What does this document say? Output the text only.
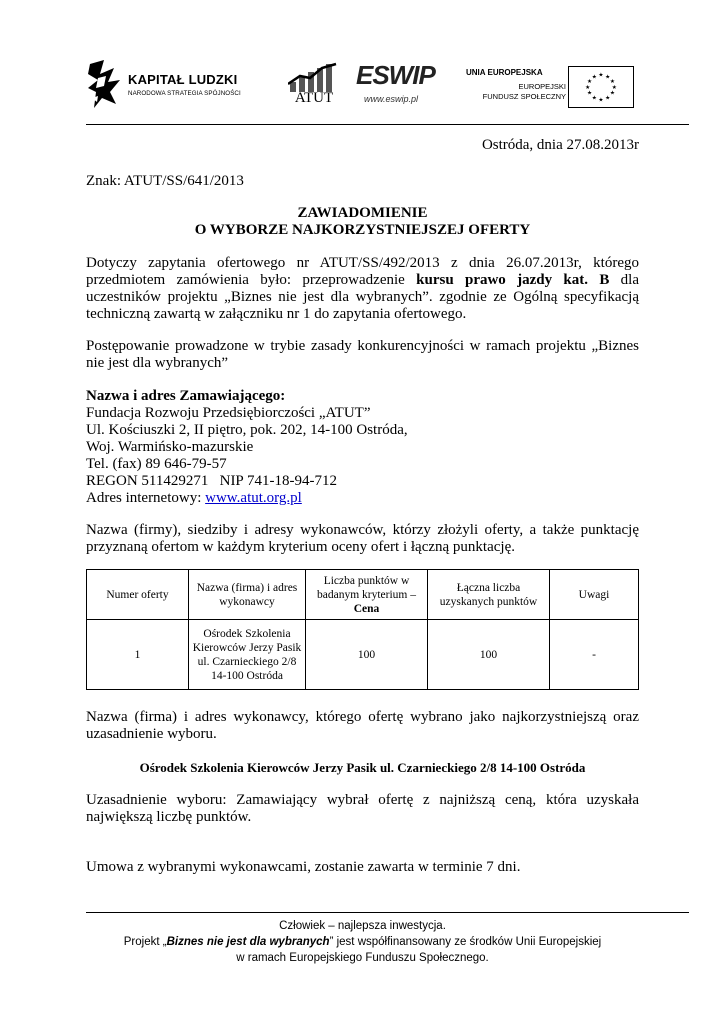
KAPITAŁ LUDZKI
NARODOWA STRATEGIA SPÓJNOŚCI	ATUT
ESWIP
www.eswip.pl
UNIA EUROPEJSKA
EUROPEJSKI
FUNDUSZ SPOŁECZNY
★ ★
★
★
★
★
★
★
★
★
★
★
Ostróda, dnia 27.08.2013r
Znak: ATUT/SS/641/2013
ZAWIADOMIENIE
O WYBORZE NAJKORZYSTNIEJSZEJ OFERTY
Dotyczy zapytania ofertowego nr ATUT/SS/492/2013 z dnia 26.07.2013r, którego przedmiotem zamówienia było: przeprowadzenie kursu prawo jazdy kat. B dla uczestników projektu „Biznes nie jest dla wybranych”. zgodnie ze Ogólną specyfikacją techniczną zawartą w załączniku nr 1 do zapytania ofertowego.
Postępowanie prowadzone w trybie zasady konkurencyjności w ramach projektu „Biznes nie jest dla wybranych”
Nazwa i adres Zamawiającego:
Fundacja Rozwoju Przedsiębiorczości „ATUT”
Ul. Kościuszki 2, II piętro, pok. 202, 14-100 Ostróda,
Woj. Warmińsko-mazurskie
Tel. (fax) 89 646-79-57
REGON 511429271   NIP 741-18-94-712
Adres internetowy: www.atut.org.pl
Nazwa (firmy), siedziby i adresy wykonawców, którzy złożyli oferty, a także punktację przyznaną ofertom w każdym kryterium oceny ofert i łączną punktację.
Numer oferty	Nazwa (firma) i adres wykonawcy	Liczba punktów w badanym kryterium – Cena	Łączna liczba uzyskanych punktów	Uwagi
1	Ośrodek Szkolenia Kierowców Jerzy Pasik ul. Czarnieckiego 2/8 14-100 Ostróda	100	100	-
Nazwa (firma) i adres wykonawcy, którego ofertę wybrano jako najkorzystniejszą oraz uzasadnienie wyboru.
Ośrodek Szkolenia Kierowców Jerzy Pasik ul. Czarnieckiego 2/8 14-100 Ostróda
Uzasadnienie wyboru: Zamawiający wybrał ofertę z najniższą ceną, która uzyskała największą liczbę punktów.
Umowa z wybranymi wykonawcami, zostanie zawarta w terminie 7 dni.
Człowiek – najlepsza inwestycja.
Projekt „Biznes nie jest dla wybranych” jest współfinansowany ze środków Unii Europejskiej
w ramach Europejskiego Funduszu Społecznego.
